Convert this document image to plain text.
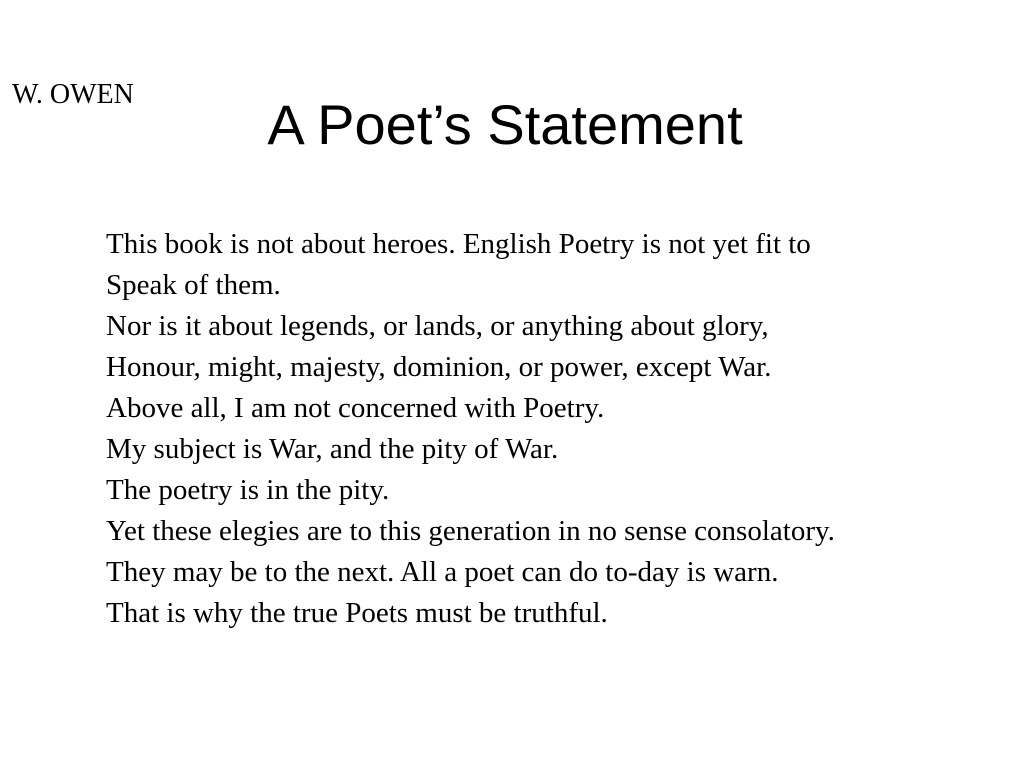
W. OWEN	A Poet’s Statement
This book is not about heroes. English Poetry is not yet fit to
Speak of them.
Nor is it about legends, or lands, or anything about glory,
Honour, might, majesty, dominion, or power, except War.
Above all, I am not concerned with Poetry.
My subject is War, and the pity of War.
The poetry is in the pity.
Yet these elegies are to this generation in no sense consolatory.
They may be to the next. All a poet can do to-day is warn.
That is why the true Poets must be truthful.
